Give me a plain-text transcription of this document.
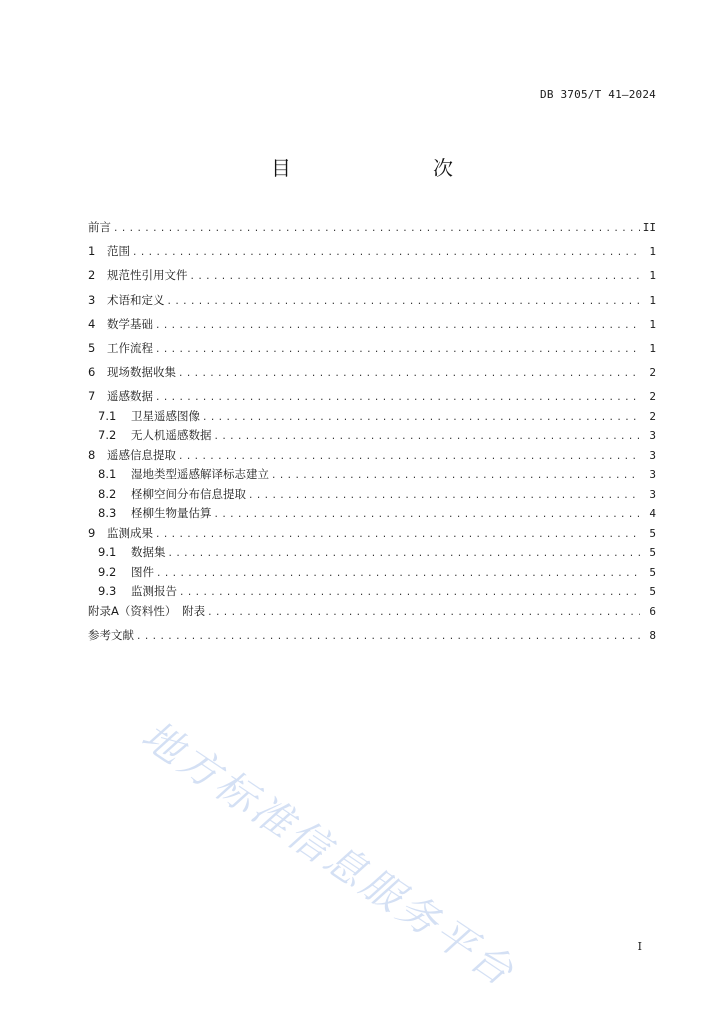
DB 3705/T 41—2024
目　　次
前言 .....	II
1	范围 .....	1
2	规范性引用文件 .....	1
3	术语和定义 .....	1
4	数学基础 .....	1
5	工作流程 .....	1
6	现场数据收集 .....	2
7	遥感数据 .....	2
7.1	卫星遥感图像 .....	2
7.2	无人机遥感数据 .....	3
8	遥感信息提取 .....	3
8.1	湿地类型遥感解译标志建立 .....	3
8.2	柽柳空间分布信息提取 .....	3
8.3	柽柳生物量估算 .....	4
9	监测成果 .....	5
9.1	数据集 .....	5
9.2	图件 .....	5
9.3	监测报告 .....	5
附录A（资料性）　附表 .....	6
参考文献 .....	8
地方标准信息服务平台	I
